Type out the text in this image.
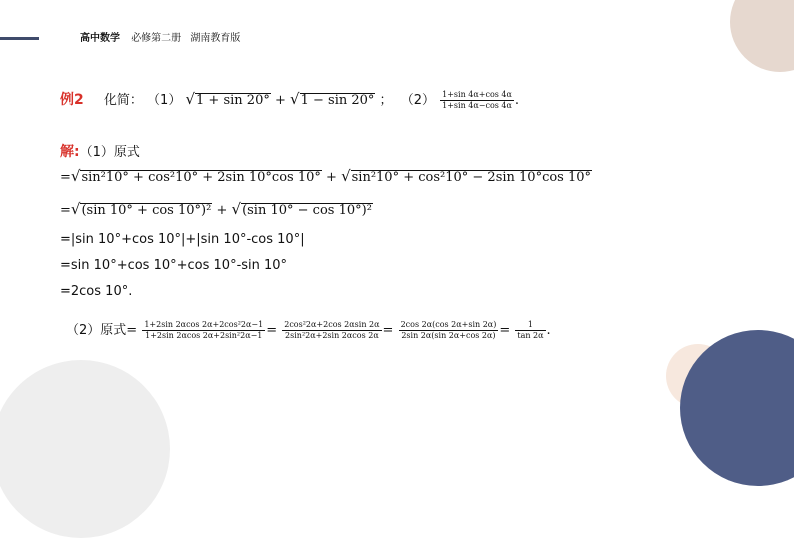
高中数学 必修第二册 湖南教育版
例2 化简： （1） √1 + sin 20° + √1 − sin 20° ； $(2) \frac{1+\sin 4\alpha+\cos 4\alpha}{1+\sin 4\alpha-\cos 4\alpha}$ .
解:（1）原式
=√sin²10° + cos²10° + 2sin 10°cos 10° + √sin²10° + cos²10° − 2sin 10°cos 10°
=√(sin 10° + cos 10°)² + √(sin 10° − cos 10°)²
=|sin 10°+cos 10°|+|sin 10°-cos 10°|
=sin 10°+cos 10°+cos 10°-sin 10°
=2cos 10°.
（2）原式= $\frac{\text{1+2sin 2αcos 2α+2cos²2α−1}}{\text{1+2sin 2αcos 2α+2sin²2α−1}} = \frac{\text{2cos²2α+2cos 2αsin 2α}}{\text{2sin²2α+2sin 2αcos 2α}} = \frac{2\cos 2\alpha(\cos 2\alpha+\sin 2\alpha)}{2\sin 2\alpha(\sin 2\alpha+\cos 2\alpha)} = \frac{1}{\tan 2\alpha}$ .
